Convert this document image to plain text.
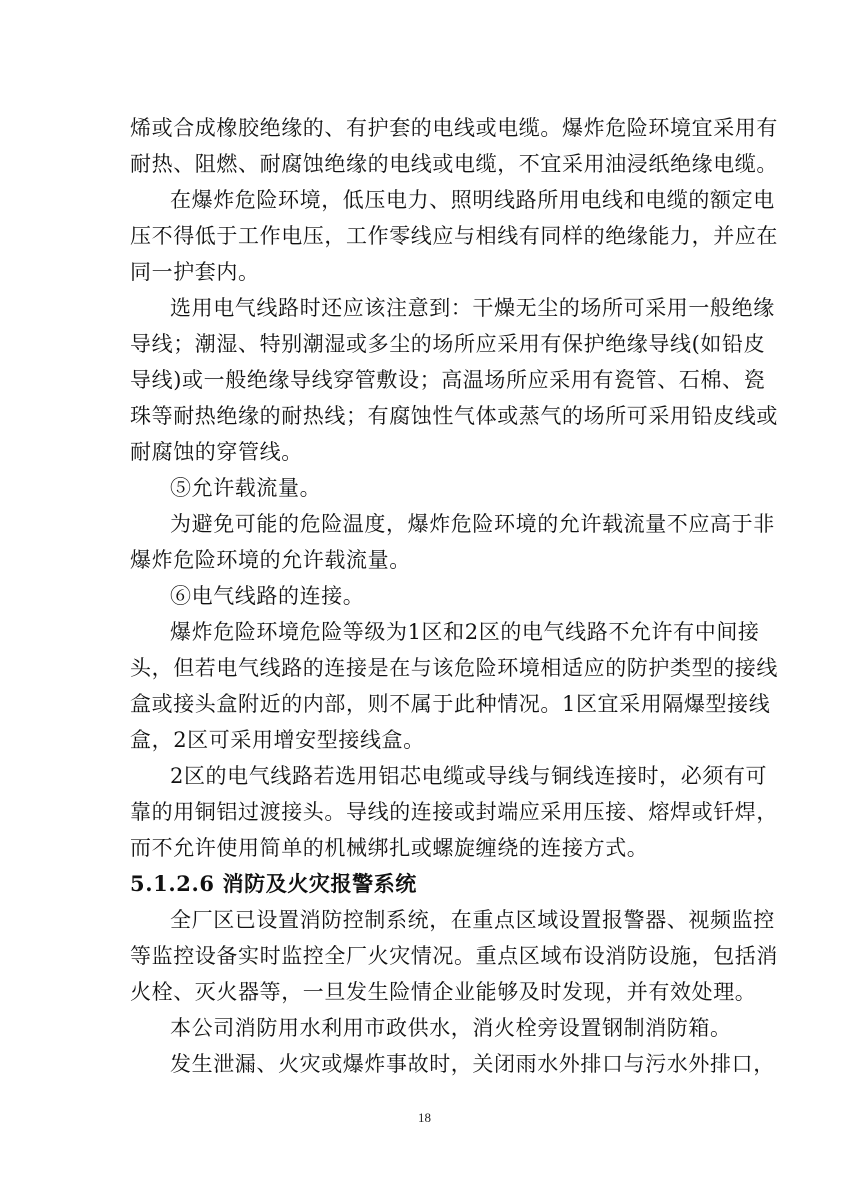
烯或合成橡胶绝缘的、有护套的电线或电缆。爆炸危险环境宜采用有
耐热、阻燃、耐腐蚀绝缘的电线或电缆，不宜采用油浸纸绝缘电缆。
在爆炸危险环境，低压电力、照明线路所用电线和电缆的额定电
压不得低于工作电压，工作零线应与相线有同样的绝缘能力，并应在
同一护套内。
选用电气线路时还应该注意到：干燥无尘的场所可采用一般绝缘
导线；潮湿、特别潮湿或多尘的场所应采用有保护绝缘导线(如铅皮
导线)或一般绝缘导线穿管敷设；高温场所应采用有瓷管、石棉、瓷
珠等耐热绝缘的耐热线；有腐蚀性气体或蒸气的场所可采用铅皮线或
耐腐蚀的穿管线。
⑤允许载流量。
为避免可能的危险温度，爆炸危险环境的允许载流量不应高于非
爆炸危险环境的允许载流量。
⑥电气线路的连接。
爆炸危险环境危险等级为1区和2区的电气线路不允许有中间接
头，但若电气线路的连接是在与该危险环境相适应的防护类型的接线
盒或接头盒附近的内部，则不属于此种情况。1区宜采用隔爆型接线
盒，2区可采用增安型接线盒。
2区的电气线路若选用铝芯电缆或导线与铜线连接时，必须有可
靠的用铜铝过渡接头。导线的连接或封端应采用压接、熔焊或钎焊，
而不允许使用简单的机械绑扎或螺旋缠绕的连接方式。
5.1.2.6 消防及火灾报警系统
全厂区已设置消防控制系统，在重点区域设置报警器、视频监控
等监控设备实时监控全厂火灾情况。重点区域布设消防设施，包括消
火栓、灭火器等，一旦发生险情企业能够及时发现，并有效处理。
本公司消防用水利用市政供水，消火栓旁设置钢制消防箱。
发生泄漏、火灾或爆炸事故时，关闭雨水外排口与污水外排口，
18
